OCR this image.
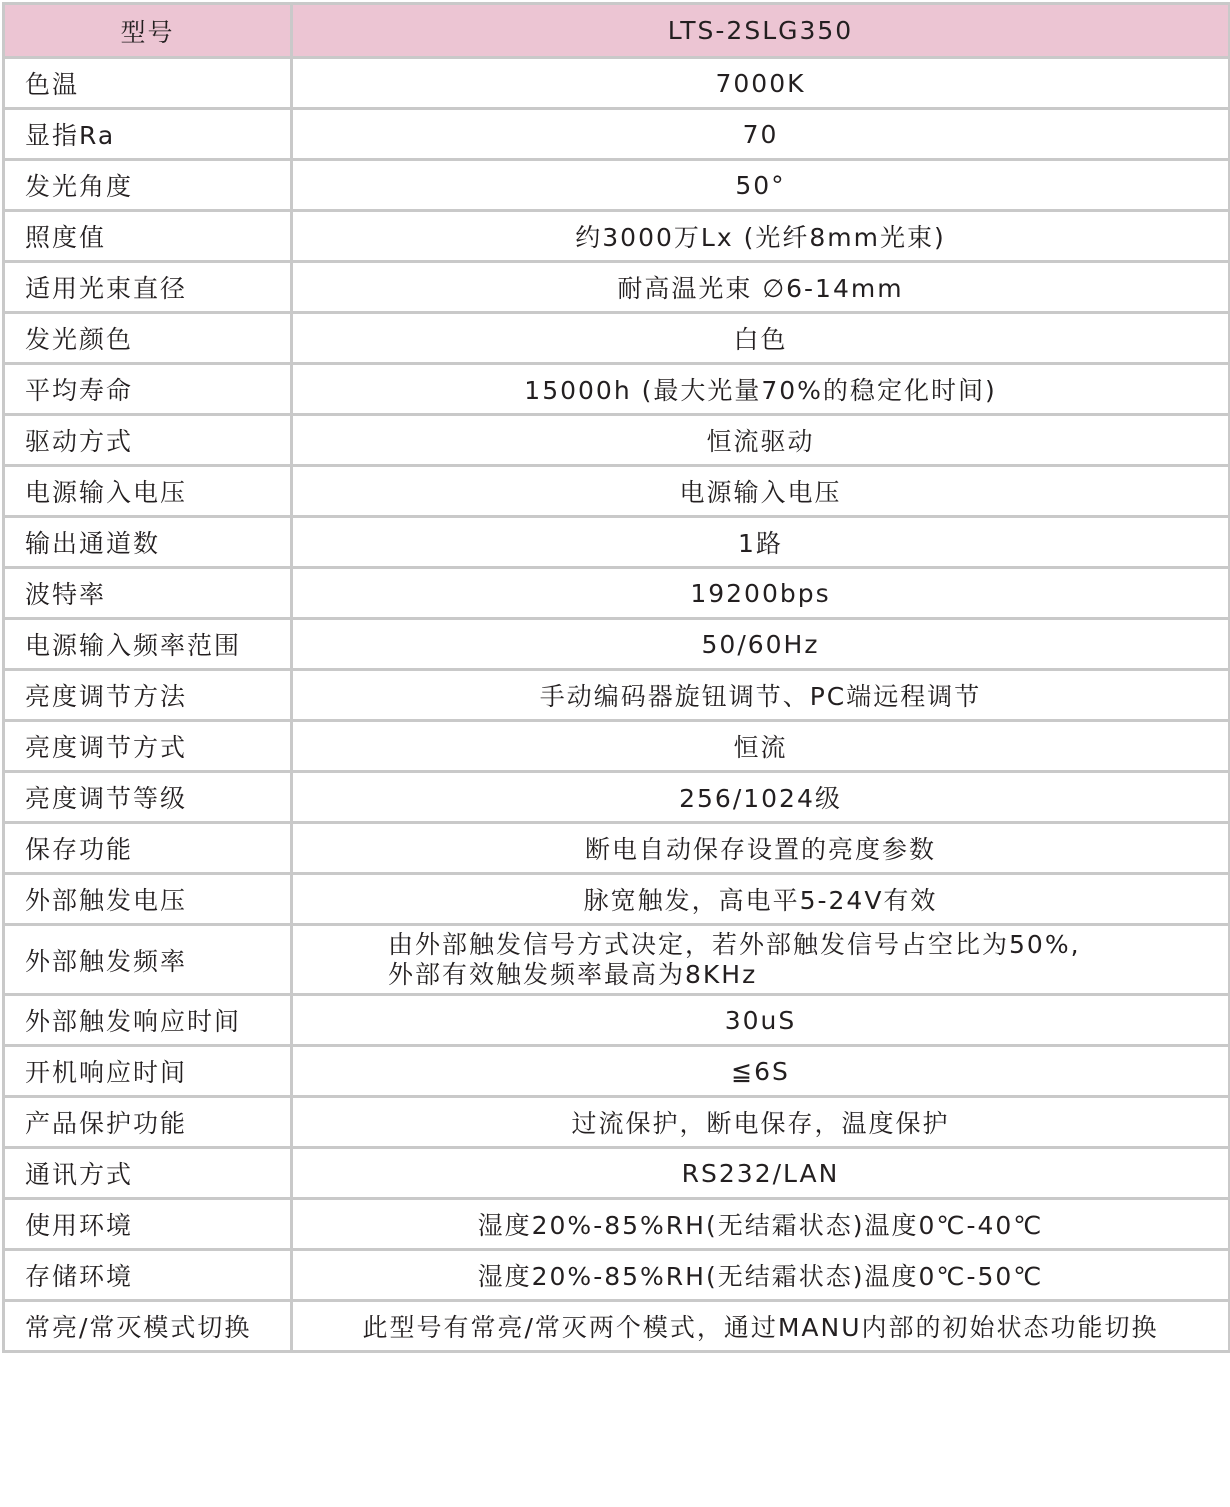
型号	LTS-2SLG350
色温	7000K
显指Ra	70
发光角度	50°
照度值	约3000万Lx (光纤8mm光束)
适用光束直径	耐高温光束 ∅6-14mm
发光颜色	白色
平均寿命	15000h (最大光量70%的稳定化时间)
驱动方式	恒流驱动
电源输入电压	电源输入电压
输出通道数	1路
波特率	19200bps
电源输入频率范围	50/60Hz
亮度调节方法	手动编码器旋钮调节、PC端远程调节
亮度调节方式	恒流
亮度调节等级	256/1024级
保存功能	断电自动保存设置的亮度参数
外部触发电压	脉宽触发，高电平5-24V有效
外部触发频率	由外部触发信号方式决定，若外部触发信号占空比为50%,
外部有效触发频率最高为8KHz

外部触发响应时间	30uS
开机响应时间	≦6S
产品保护功能	过流保护，断电保存，温度保护
通讯方式	RS232/LAN
使用环境	湿度20%-85%RH(无结霜状态)温度0℃-40℃
存储环境	湿度20%-85%RH(无结霜状态)温度0℃-50℃
常亮/常灭模式切换	此型号有常亮/常灭两个模式，通过MANU内部的初始状态功能切换
